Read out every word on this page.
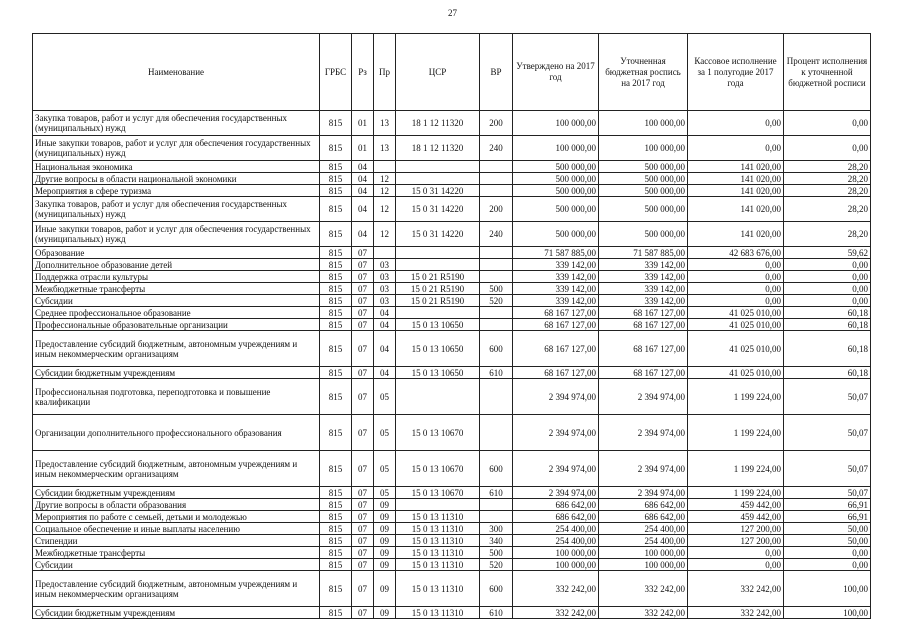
27
Наименование	ГРБС	Рз	Пр	ЦСР	ВР	Утверждено на 2017 год	Уточненная бюджетная роспись на 2017 год	Кассовое исполнение за 1 полугодие 2017 года	Процент исполнения к уточненной бюджетной росписи
Закупка товаров, работ и услуг для обеспечения государственных (муниципальных) нужд	815	01	13	18 1 12 11320	200	100 000,00	100 000,00	0,00	0,00
Иные закупки товаров, работ и услуг для обеспечения государственных (муниципальных) нужд	815	01	13	18 1 12 11320	240	100 000,00	100 000,00	0,00	0,00
Национальная экономика	815	04				500 000,00	500 000,00	141 020,00	28,20
Другие вопросы в области национальной экономики	815	04	12			500 000,00	500 000,00	141 020,00	28,20
Мероприятия в сфере туризма	815	04	12	15 0 31 14220		500 000,00	500 000,00	141 020,00	28,20
Закупка товаров, работ и услуг для обеспечения государственных (муниципальных) нужд	815	04	12	15 0 31 14220	200	500 000,00	500 000,00	141 020,00	28,20
Иные закупки товаров, работ и услуг для обеспечения государственных (муниципальных) нужд	815	04	12	15 0 31 14220	240	500 000,00	500 000,00	141 020,00	28,20
Образование	815	07				71 587 885,00	71 587 885,00	42 683 676,00	59,62
Дополнительное образование детей	815	07	03			339 142,00	339 142,00	0,00	0,00
Поддержка отрасли культуры	815	07	03	15 0 21 R5190		339 142,00	339 142,00	0,00	0,00
Межбюджетные трансферты	815	07	03	15 0 21 R5190	500	339 142,00	339 142,00	0,00	0,00
Субсидии	815	07	03	15 0 21 R5190	520	339 142,00	339 142,00	0,00	0,00
Среднее профессиональное образование	815	07	04			68 167 127,00	68 167 127,00	41 025 010,00	60,18
Профессиональные образовательные организации	815	07	04	15 0 13 10650		68 167 127,00	68 167 127,00	41 025 010,00	60,18
Предоставление субсидий бюджетным, автономным учреждениям и иным некоммерческим организациям	815	07	04	15 0 13 10650	600	68 167 127,00	68 167 127,00	41 025 010,00	60,18
Субсидии бюджетным учреждениям	815	07	04	15 0 13 10650	610	68 167 127,00	68 167 127,00	41 025 010,00	60,18
Профессиональная подготовка, переподготовка и повышение квалификации	815	07	05			2 394 974,00	2 394 974,00	1 199 224,00	50,07
Организации дополнительного профессионального образования	815	07	05	15 0 13 10670		2 394 974,00	2 394 974,00	1 199 224,00	50,07
Предоставление субсидий бюджетным, автономным учреждениям и иным некоммерческим организациям	815	07	05	15 0 13 10670	600	2 394 974,00	2 394 974,00	1 199 224,00	50,07
Субсидии бюджетным учреждениям	815	07	05	15 0 13 10670	610	2 394 974,00	2 394 974,00	1 199 224,00	50,07
Другие вопросы в области образования	815	07	09			686 642,00	686 642,00	459 442,00	66,91
Мероприятия по работе с семьей, детьми и молодежью	815	07	09	15 0 13 11310		686 642,00	686 642,00	459 442,00	66,91
Социальное обеспечение и иные выплаты населению	815	07	09	15 0 13 11310	300	254 400,00	254 400,00	127 200,00	50,00
Стипендии	815	07	09	15 0 13 11310	340	254 400,00	254 400,00	127 200,00	50,00
Межбюджетные трансферты	815	07	09	15 0 13 11310	500	100 000,00	100 000,00	0,00	0,00
Субсидии	815	07	09	15 0 13 11310	520	100 000,00	100 000,00	0,00	0,00
Предоставление субсидий бюджетным, автономным учреждениям и иным некоммерческим организациям	815	07	09	15 0 13 11310	600	332 242,00	332 242,00	332 242,00	100,00
Субсидии бюджетным учреждениям	815	07	09	15 0 13 11310	610	332 242,00	332 242,00	332 242,00	100,00
